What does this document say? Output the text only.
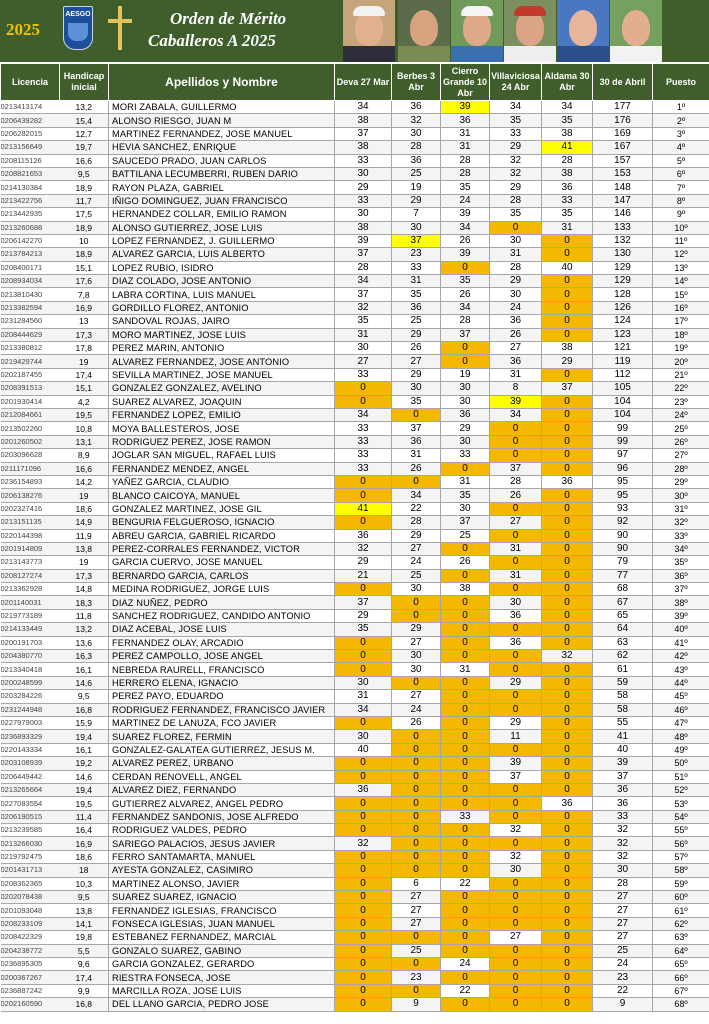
2025
AESGO	Orden de Mérito
Caballeros A 2025
Licencia	Handicap inicial	Apellidos y Nombre	Deva 27 Mar	Berbes 3 Abr	Cierro Grande 10 Abr	Villaviciosa 24 Abr	Aldama 30 Abr	30 de Abril	Puesto
0213413174	13,2	MORI ZABALA, GUILLERMO	34	36	39	34	34	177	1º
0206439282	15,4	ALONSO RIESGO, JUAN M	38	32	36	35	35	176	2º
0206282015	12,7	MARTINEZ FERNANDEZ, JOSE MANUEL	37	30	31	33	38	169	3º
0213156649	19,7	HEVIA SANCHEZ, ENRIQUE	38	28	31	29	41	167	4º
0208115126	16,6	SAUCEDO PRADO, JUAN CARLOS	33	36	28	32	28	157	5º
0208821653	9,5	BATTILANA LECUMBERRI, RUBEN DARIO	30	25	28	32	38	153	6º
0214130384	18,9	RAYON PLAZA, GABRIEL	29	19	35	29	36	148	7º
0213422756	11,7	IÑIGO DOMINGUEZ, JUAN FRANCISCO	33	29	24	28	33	147	8º
0213442935	17,5	HERNANDEZ COLLAR, EMILIO RAMON	30	7	39	35	35	146	9º
0213260688	18,9	ALONSO GUTIERREZ, JOSE LUIS	38	30	34	0	31	133	10º
0206142270	10	LOPEZ FERNANDEZ, J. GUILLERMO	39	37	26	30	0	132	11º
0213784213	18,9	ALVAREZ GARCIA, LUIS ALBERTO	37	23	39	31	0	130	12º
0208400171	15,1	LOPEZ RUBIO, ISIDRO	28	33	0	28	40	129	13º
0208934034	17,6	DIAZ COLADO, JOSE ANTONIO	34	31	35	29	0	129	14º
0213810430	7,8	LABRA CORTINA, LUIS MANUEL	37	35	26	30	0	128	15º
0213382594	16,9	GORDILLO FLOREZ, ANTONIO	32	36	34	24	0	126	16º
0231284560	13	SANDOVAL ROJAS, JAIRO	35	25	28	36	0	124	17º
0208444629	17,3	MORO MARTINEZ, JOSE LUIS	31	29	37	26	0	123	18º
0213380812	17,8	PEREZ MARIN, ANTONIO	30	26	0	27	38	121	19º
0219429744	19	ALVAREZ FERNANDEZ, JOSE ANTONIO	27	27	0	36	29	119	20º
0202187455	17,4	SEVILLA MARTINEZ, JOSE MANUEL	33	29	19	31	0	112	21º
0208391513	15,1	GONZALEZ GONZALEZ, AVELINO	0	30	30	8	37	105	22º
0201930414	4,2	SUAREZ ALVAREZ, JOAQUIN	0	35	30	39	0	104	23º
0212084661	19,5	FERNANDEZ LOPEZ, EMILIO	34	0	36	34	0	104	24º
0213502260	10,8	MOYA BALLESTEROS, JOSE	33	37	29	0	0	99	25º
0201260502	13,1	RODRIGUEZ PEREZ, JOSE RAMON	33	36	30	0	0	99	26º
0203096628	8,9	JOGLAR SAN MIGUEL, RAFAEL LUIS	33	31	33	0	0	97	27º
0211171096	16,6	FERNANDEZ MENDEZ, ANGEL	33	26	0	37	0	96	28º
0236154893	14,2	YAÑEZ GARCIA, CLAUDIO	0	0	31	28	36	95	29º
0206138276	19	BLANCO CAICOYA, MANUEL	0	34	35	26	0	95	30º
0202327416	18,6	GONZALEZ MARTINEZ, JOSE GIL	41	22	30	0	0	93	31º
0213151135	14,9	BENGURIA FELGUEROSO, IGNACIO	0	28	37	27	0	92	32º
0220144398	11,9	ABREU GARCIA, GABRIEL RICARDO	36	29	25	0	0	90	33º
0201914809	13,8	PEREZ-CORRALES FERNANDEZ, VICTOR	32	27	0	31	0	90	34º
0213143773	19	GARCIA CUERVO, JOSE MANUEL	29	24	26	0	0	79	35º
0208127274	17,3	BERNARDO GARCIA, CARLOS	21	25	0	31	0	77	36º
0213362928	14,8	MEDINA RODRIGUEZ, JORGE LUIS	0	30	38	0	0	68	37º
0201140031	18,3	DIAZ NUÑEZ, PEDRO	37	0	0	30	0	67	38º
0219773189	11,8	SANCHEZ RODRIGUEZ, CANDIDO ANTONIO	29	0	0	36	0	65	39º
0214133449	13,2	DIAZ ACEBAL, JOSE LUIS	35	29	0	0	0	64	40º
0200191703	13,6	FERNANDEZ OLAY, ARCADIO	0	27	0	36	0	63	41º
0204380770	16,3	PEREZ CAMPOLLO, JOSE ANGEL	0	30	0	0	32	62	42º
0213340418	16,1	NEBREDA RAURELL, FRANCISCO	0	30	31	0	0	61	43º
0200248599	14,6	HERRERO ELENA, IGNACIO	30	0	0	29	0	59	44º
0203284226	9,5	PEREZ PAYO, EDUARDO	31	27	0	0	0	58	45º
0231244948	16,8	RODRIGUEZ FERNANDEZ, FRANCISCO JAVIER	34	24	0	0	0	58	46º
0227979003	15,9	MARTINEZ DE LANUZA, FCO JAVIER	0	26	0	29	0	55	47º
0236893329	19,4	SUAREZ FLOREZ, FERMIN	30	0	0	11	0	41	48º
0220143334	16,1	GONZALEZ-GALATEA GUTIERREZ, JESUS M.	40	0	0	0	0	40	49º
0203108939	19,2	ALVAREZ PEREZ, URBANO	0	0	0	39	0	39	50º
0206449442	14,6	CERDAN RENOVELL, ANGEL	0	0	0	37	0	37	51º
0213265664	19,4	ALVAREZ DIEZ, FERNANDO	36	0	0	0	0	36	52º
0227083554	19,5	GUTIERREZ ALVAREZ, ANGEL PEDRO	0	0	0	0	36	36	53º
0206190515	11,4	FERNANDEZ SANDONIS, JOSE ALFREDO	0	0	33	0	0	33	54º
0213239585	16,4	RODRIGUEZ VALDES, PEDRO	0	0	0	32	0	32	55º
0213266030	16,9	SARIEGO PALACIOS, JESUS JAVIER	32	0	0	0	0	32	56º
0219792475	18,6	FERRO SANTAMARTA, MANUEL	0	0	0	32	0	32	57º
0201431713	18	AYESTA GONZALEZ, CASIMIRO	0	0	0	30	0	30	58º
0208362365	10,3	MARTINEZ ALONSO, JAVIER	0	6	22	0	0	28	59º
0202078438	9,5	SUAREZ SUAREZ, IGNACIO	0	27	0	0	0	27	60º
0201093048	13,8	FERNANDEZ IGLESIAS, FRANCISCO	0	27	0	0	0	27	61º
0208233109	14,1	FONSECA IGLESIAS, JUAN MANUEL	0	27	0	0	0	27	62º
0208422329	19,8	ESTEBANEZ FERNANDEZ, MARCIAL	0	0	0	27	0	27	63º
0204238772	5,5	GONZALO SUAREZ, GABINO	0	25	0	0	0	25	64º
0236895305	9,6	GARCIA GONZALEZ, GERARDO	0	0	24	0	0	24	65º
0200367267	17,4	RIESTRA FONSECA, JOSE	0	23	0	0	0	23	66º
0236887242	9,9	MARCILLA ROZA, JOSE LUIS	0	0	22	0	0	22	67º
0202160590	16,8	DEL LLANO GARCIA, PEDRO JOSE	0	9	0	0	0	9	68º
